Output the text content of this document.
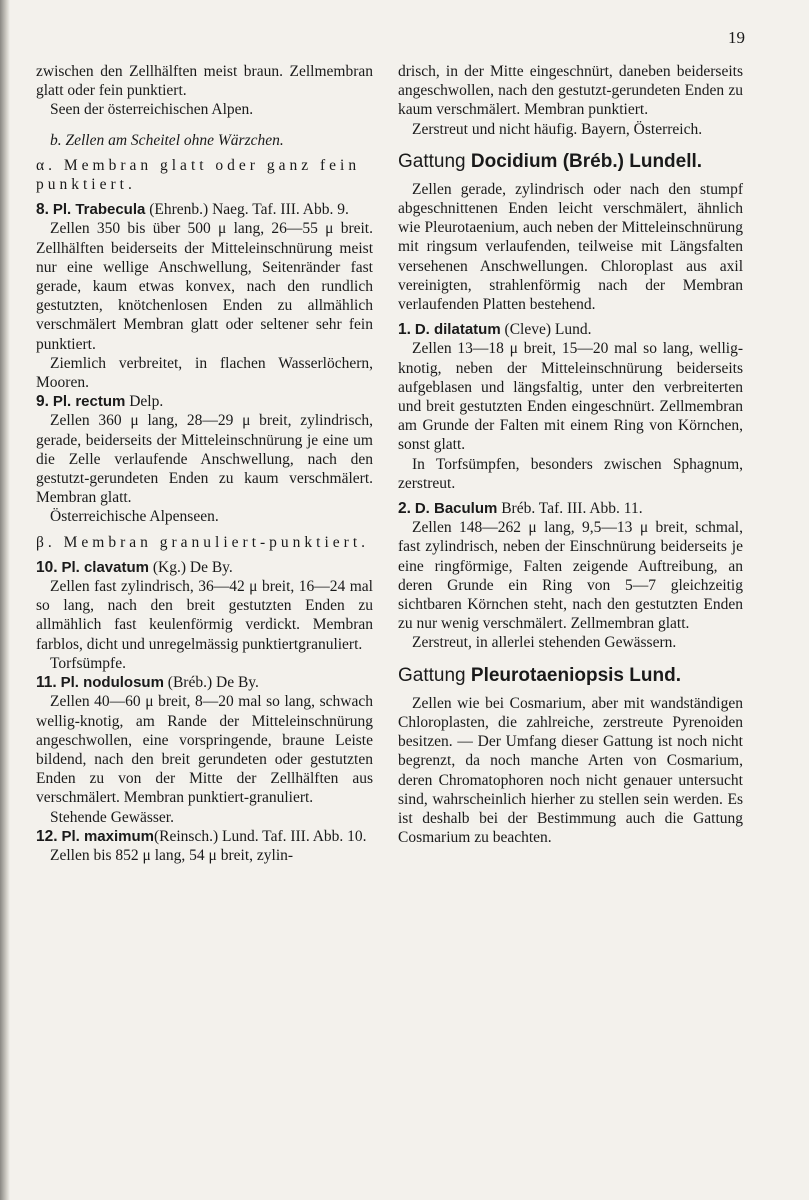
19

zwischen den Zellhälften meist braun. Zellmembran glatt oder fein punktiert.

Seen der österreichischen Alpen.

b. Zellen am Scheitel ohne Wärzchen.

α. Membran glatt oder ganz fein punktiert.

8. Pl. Trabecula (Ehrenb.) Naeg. Taf. III. Abb. 9.

Zellen 350 bis über 500 μ lang, 26—55 μ breit. Zellhälften beiderseits der Mitteleinschnürung meist nur eine wellige Anschwellung, Seitenränder fast gerade, kaum etwas konvex, nach den rundlich gestutzten, knötchenlosen Enden zu allmählich verschmälert Membran glatt oder seltener sehr fein punktiert.

Ziemlich verbreitet, in flachen Wasserlöchern, Mooren.

9. Pl. rectum Delp.

Zellen 360 μ lang, 28—29 μ breit, zylindrisch, gerade, beiderseits der Mitteleinschnürung je eine um die Zelle verlaufende Anschwellung, nach den gestutzt-gerundeten Enden zu kaum verschmälert. Membran glatt.

Österreichische Alpenseen.

β. Membran granuliert-punktiert.

10. Pl. clavatum (Kg.) De By.

Zellen fast zylindrisch, 36—42 μ breit, 16—24 mal so lang, nach den breit gestutzten Enden zu allmählich fast keulenförmig verdickt. Membran farblos, dicht und unregelmässig punktiertgranuliert.

Torfsümpfe.

11. Pl. nodulosum (Bréb.) De By.

Zellen 40—60 μ breit, 8—20 mal so lang, schwach wellig-knotig, am Rande der Mitteleinschnürung angeschwollen, eine vorspringende, braune Leiste bildend, nach den breit gerundeten oder gestutzten Enden zu von der Mitte der Zellhälften aus verschmälert. Membran punktiert-granuliert.

Stehende Gewässer.

12. Pl. maximum(Reinsch.) Lund. Taf. III. Abb. 10.

Zellen bis 852 μ lang, 54 μ breit, zylin-

drisch, in der Mitte eingeschnürt, daneben beiderseits angeschwollen, nach den gestutzt-gerundeten Enden zu kaum verschmälert. Membran punktiert.

Zerstreut und nicht häufig. Bayern, Österreich.

Gattung Docidium (Bréb.) Lundell.

Zellen gerade, zylindrisch oder nach den stumpf abgeschnittenen Enden leicht verschmälert, ähnlich wie Pleurotaenium, auch neben der Mitteleinschnürung mit ringsum verlaufenden, teilweise mit Längsfalten versehenen Anschwellungen. Chloroplast aus axil vereinigten, strahlenförmig nach der Membran verlaufenden Platten bestehend.

1. D. dilatatum (Cleve) Lund.

Zellen 13—18 μ breit, 15—20 mal so lang, wellig-knotig, neben der Mitteleinschnürung beiderseits aufgeblasen und längsfaltig, unter den verbreiterten und breit gestutzten Enden eingeschnürt. Zellmembran am Grunde der Falten mit einem Ring von Körnchen, sonst glatt.

In Torfsümpfen, besonders zwischen Sphagnum, zerstreut.

2. D. Baculum Bréb. Taf. III. Abb. 11.

Zellen 148—262 μ lang, 9,5—13 μ breit, schmal, fast zylindrisch, neben der Einschnürung beiderseits je eine ringförmige, Falten zeigende Auftreibung, an deren Grunde ein Ring von 5—7 gleichzeitig sichtbaren Körnchen steht, nach den gestutzten Enden zu nur wenig verschmälert. Zellmembran glatt.

Zerstreut, in allerlei stehenden Gewässern.

Gattung Pleurotaeniopsis Lund.

Zellen wie bei Cosmarium, aber mit wandständigen Chloroplasten, die zahlreiche, zerstreute Pyrenoiden besitzen. — Der Umfang dieser Gattung ist noch nicht begrenzt, da noch manche Arten von Cosmarium, deren Chromatophoren noch nicht genauer untersucht sind, wahrscheinlich hierher zu stellen sein werden. Es ist deshalb bei der Bestimmung auch die Gattung Cosmarium zu beachten.
